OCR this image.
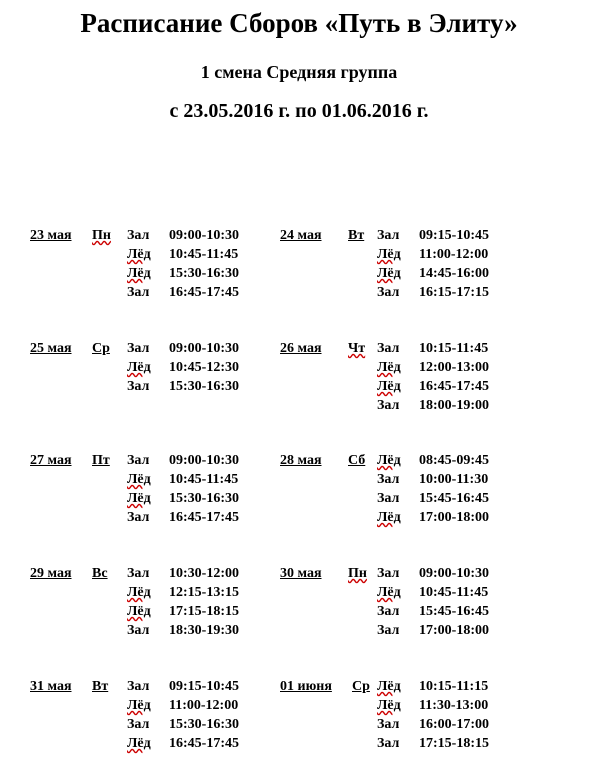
Расписание Сборов «Путь в Элиту»
1 смена Средняя группа
с 23.05.2016 г. по 01.06.2016 г.
23 мая Пн Зал 09:00-10:30
Лёд 10:45-11:45
Лёд 15:30-16:30
Зал 16:45-17:45
24 мая Вт Зал 09:15-10:45
Лёд 11:00-12:00
Лёд 14:45-16:00
Зал 16:15-17:15
25 мая Ср Зал 09:00-10:30
Лёд 10:45-12:30
Зал 15:30-16:30
26 мая Чт Зал 10:15-11:45
Лёд 12:00-13:00
Лёд 16:45-17:45
Зал 18:00-19:00
27 мая Пт Зал 09:00-10:30
Лёд 10:45-11:45
Лёд 15:30-16:30
Зал 16:45-17:45
28 мая Сб Лёд 08:45-09:45
Зал 10:00-11:30
Зал 15:45-16:45
Лёд 17:00-18:00
29 мая Вс Зал 10:30-12:00
Лёд 12:15-13:15
Лёд 17:15-18:15
Зал 18:30-19:30
30 мая Пн Зал 09:00-10:30
Лёд 10:45-11:45
Зал 15:45-16:45
Зал 17:00-18:00
31 мая Вт Зал 09:15-10:45
Лёд 11:00-12:00
Зал 15:30-16:30
Лёд 16:45-17:45
01 июня Ср Лёд 10:15-11:15
Лёд 11:30-13:00
Зал 16:00-17:00
Зал 17:15-18:15
